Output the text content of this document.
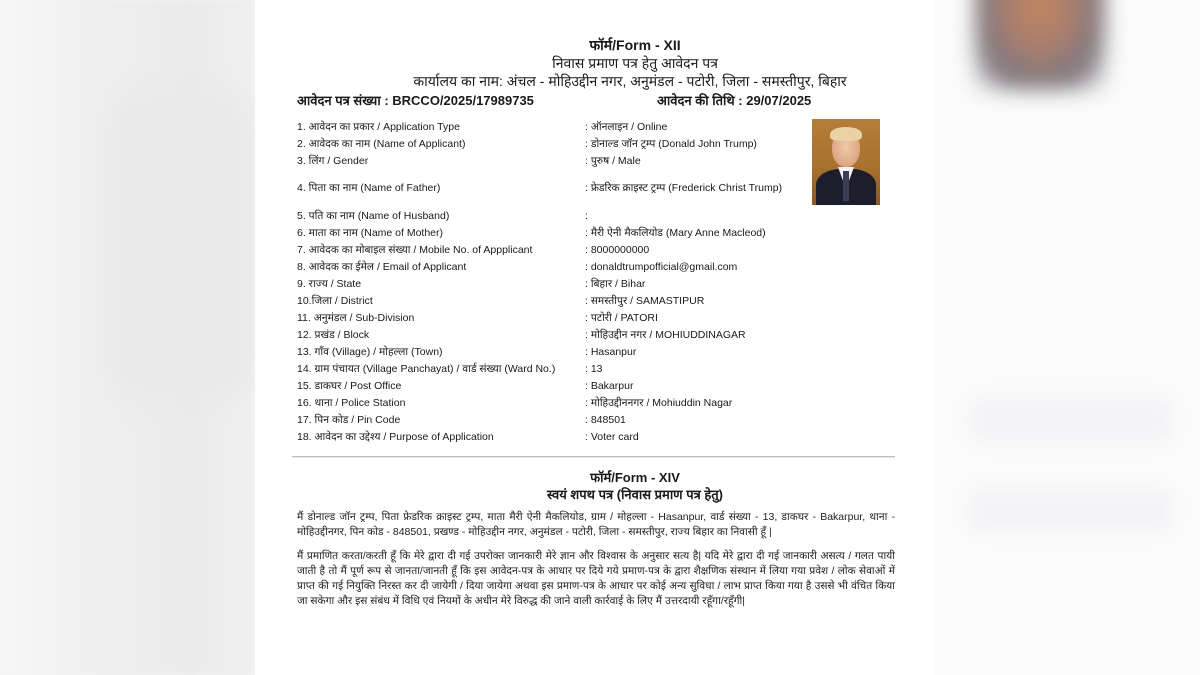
फॉर्म/Form - XII
निवास प्रमाण पत्र हेतु आवेदन पत्र
कार्यालय का नाम: अंचल - मोहिउद्दीन नगर, अनुमंडल - पटोरी, जिला - समस्तीपुर, बिहार
आवेदन पत्र संख्या : BRCCO/2025/17989735	आवेदन की तिथि : 29/07/2025
1. आवेदन का प्रकार / Application Type	: ऑनलाइन / Online
2. आवेदक का नाम (Name of Applicant)	: डोनाल्ड जॉन ट्रम्प (Donald John Trump)
3. लिंग / Gender	: पुरुष / Male
4. पिता का नाम (Name of Father)	: फ्रेडरिक क्राइस्ट ट्रम्प (Frederick Christ Trump)
5. पति का नाम (Name of Husband)	:
6. माता का नाम (Name of Mother)	: मैरी ऐनी मैकलियोड (Mary Anne Macleod)
7. आवेदक का मोबाइल संख्या / Mobile No. of Appplicant	: 8000000000
8. आवेदक का ईमेल / Email of Applicant	: donaldtrumpofficial@gmail.com
9. राज्य / State	: बिहार / Bihar
10.जिला / District	: समस्तीपुर / SAMASTIPUR
11. अनुमंडल / Sub-Division	: पटोरी / PATORI
12. प्रखंड / Block	: मोहिउद्दीन नगर / MOHIUDDINAGAR
13. गाँव (Village) / मोहल्ला (Town)	: Hasanpur
14. ग्राम पंचायत (Village Panchayat) / वार्ड संख्या (Ward No.)	: 13
15. डाकघर / Post Office	: Bakarpur
16. थाना / Police Station	: मोहिउद्दीननगर / Mohiuddin Nagar
17. पिन कोड / Pin Code	: 848501
18. आवेदन का उद्देश्य / Purpose of Application	: Voter card
फॉर्म/Form - XIV
स्वयं शपथ पत्र (निवास प्रमाण पत्र हेतु)
मैं डोनाल्ड जॉन ट्रम्प, पिता फ्रेडरिक क्राइस्ट ट्रम्प, माता मैरी ऐनी मैकलियोड, ग्राम / मोहल्ला - Hasanpur, वार्ड संख्या - 13, डाकघर - Bakarpur, थाना - मोहिउद्दीनगर, पिन कोड - 848501, प्रखण्ड - मोहिउद्दीन नगर, अनुमंडल - पटोरी, जिला - समस्तीपुर, राज्य बिहार का निवासी हूँ |
मैं प्रमाणित करता/करती हूँ कि मेरे द्वारा दी गई उपरोक्त जानकारी मेरे ज्ञान और विश्वास के अनुसार सत्य है| यदि मेरे द्वारा दी गई जानकारी असत्य / गलत पायी जाती है तो मैं पूर्ण रूप से जानता/जानती हूँ कि इस आवेदन-पत्र के आधार पर दिये गये प्रमाण-पत्र के द्वारा शैक्षणिक संस्थान में लिया गया प्रवेश / लोक सेवाओं में प्राप्त की गई नियुक्ति निरस्त कर दी जायेगी / दिया जायेगा अथवा इस प्रमाण-पत्र के आधार पर कोई अन्य सुविधा / लाभ प्राप्त किया गया है उससे भी वंचित किया जा सकेगा और इस संबंध में विधि एवं नियमों के अधीन मेरे विरुद्ध की जाने वाली कार्रवाई के लिए मैं उत्तरदायी रहूँगा/रहूँगी|
